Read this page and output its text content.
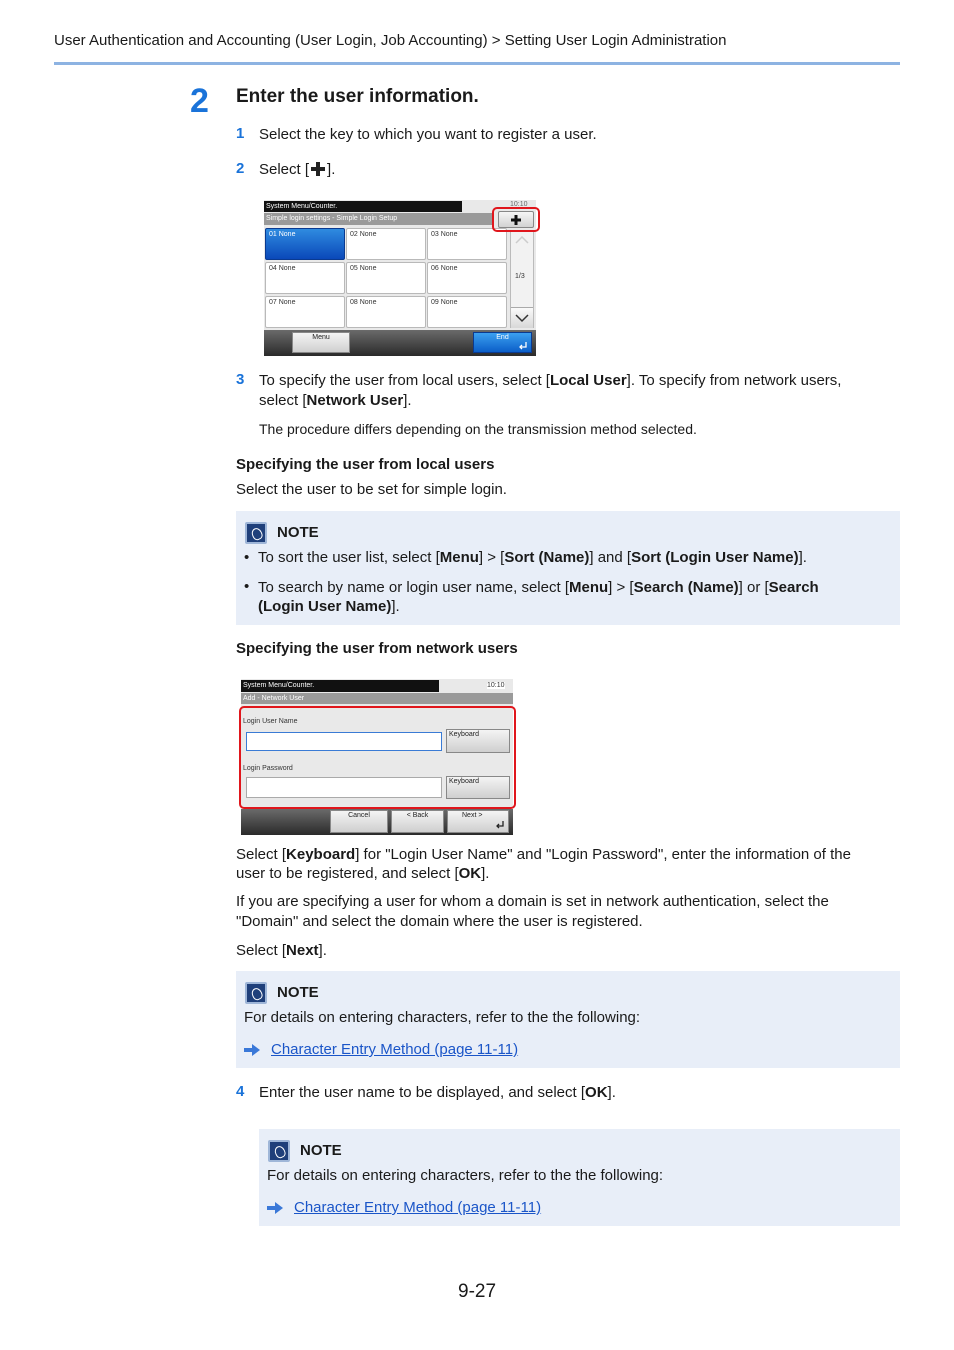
User Authentication and Accounting (User Login, Job Accounting) > Setting User Login Administration
2 Enter the user information.
1 Select the key to which you want to register a user.
2 Select [ ].
System Menu/Counter.	10:10
Simple login settings - Simple Login Setup
01 None	02 None	03 None
04 None	05 None	06 None
07 None	08 None	09 None
1/3
Menu	End
3 To specify the user from local users, select [Local User]. To specify from network users,
select [Network User].
The procedure differs depending on the transmission method selected.
Specifying the user from local users
Select the user to be set for simple login.
NOTE
• To sort the user list, select [Menu] > [Sort (Name)] and [Sort (Login User Name)].
• To search by name or login user name, select [Menu] > [Search (Name)] or [Search
(Login User Name)].
Specifying the user from network users
System Menu/Counter.	10:10
Add - Network User
Login User Name
Keyboard
Login Password
Keyboard
Cancel	< Back	Next >
Select [Keyboard] for "Login User Name" and "Login Password", enter the information of the
user to be registered, and select [OK].
If you are specifying a user for whom a domain is set in network authentication, select the
"Domain" and select the domain where the user is registered.
Select [Next].
NOTE
For details on entering characters, refer to the the following:
Character Entry Method (page 11-11)
4 Enter the user name to be displayed, and select [OK].
NOTE
For details on entering characters, refer to the the following:
Character Entry Method (page 11-11)
9-27
